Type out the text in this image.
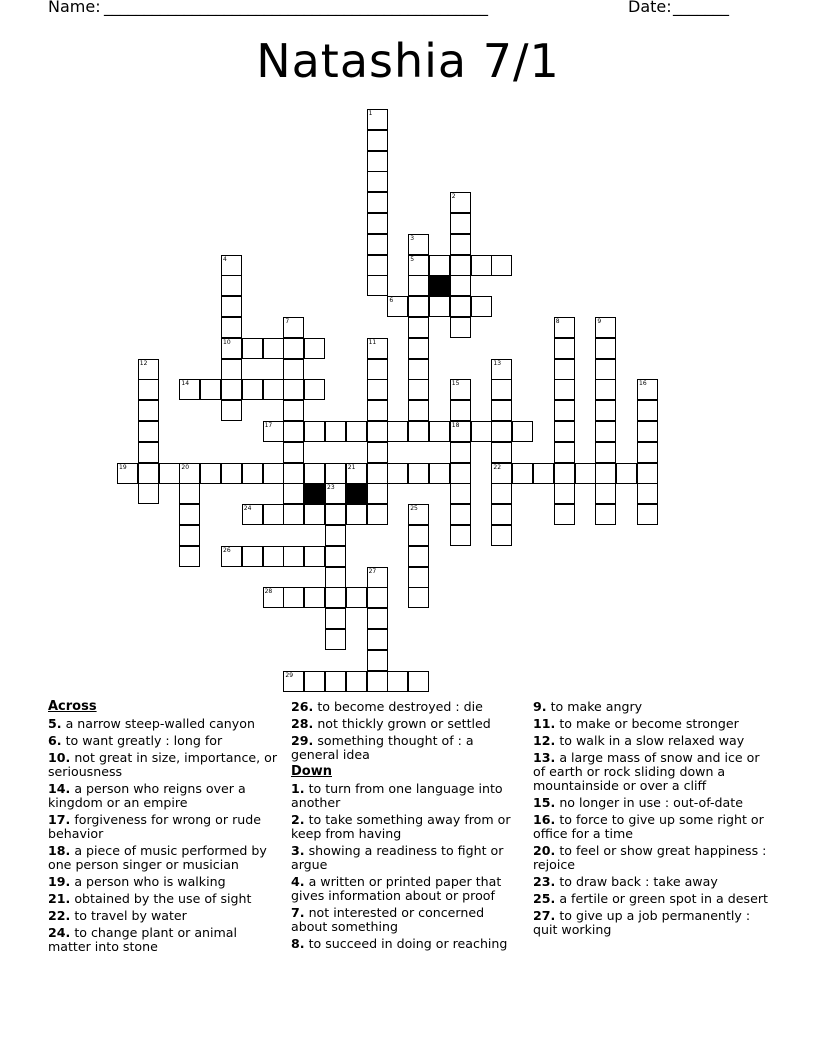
Name: ________________________________________________	Date: _______
Natashia 7/1
1
2
3
5
4
10
7	8	9
11
12	13
22
15
18
16
20
23
25
27
6
14
17
19	21
24
26
28
29
Across
5. a narrow steep-walled canyon
6. to want greatly : long for
10. not great in size, importance, or seriousness
14. a person who reigns over a kingdom or an empire
17. forgiveness for wrong or rude behavior
18. a piece of music performed by one person singer or musician
19. a person who is walking
21. obtained by the use of sight
22. to travel by water
24. to change plant or animal matter into stone
26. to become destroyed : die
28. not thickly grown or settled
29. something thought of : a general idea
Down
1. to turn from one language into another
2. to take something away from or keep from having
3. showing a readiness to fight or argue
4. a written or printed paper that gives information about or proof
7. not interested or concerned about something
8. to succeed in doing or reaching
9. to make angry
11. to make or become stronger
12. to walk in a slow relaxed way
13. a large mass of snow and ice or of earth or rock sliding down a mountainside or over a cliff
15. no longer in use : out-of-date
16. to force to give up some right or office for a time
20. to feel or show great happiness : rejoice
23. to draw back : take away
25. a fertile or green spot in a desert
27. to give up a job permanently : quit working
